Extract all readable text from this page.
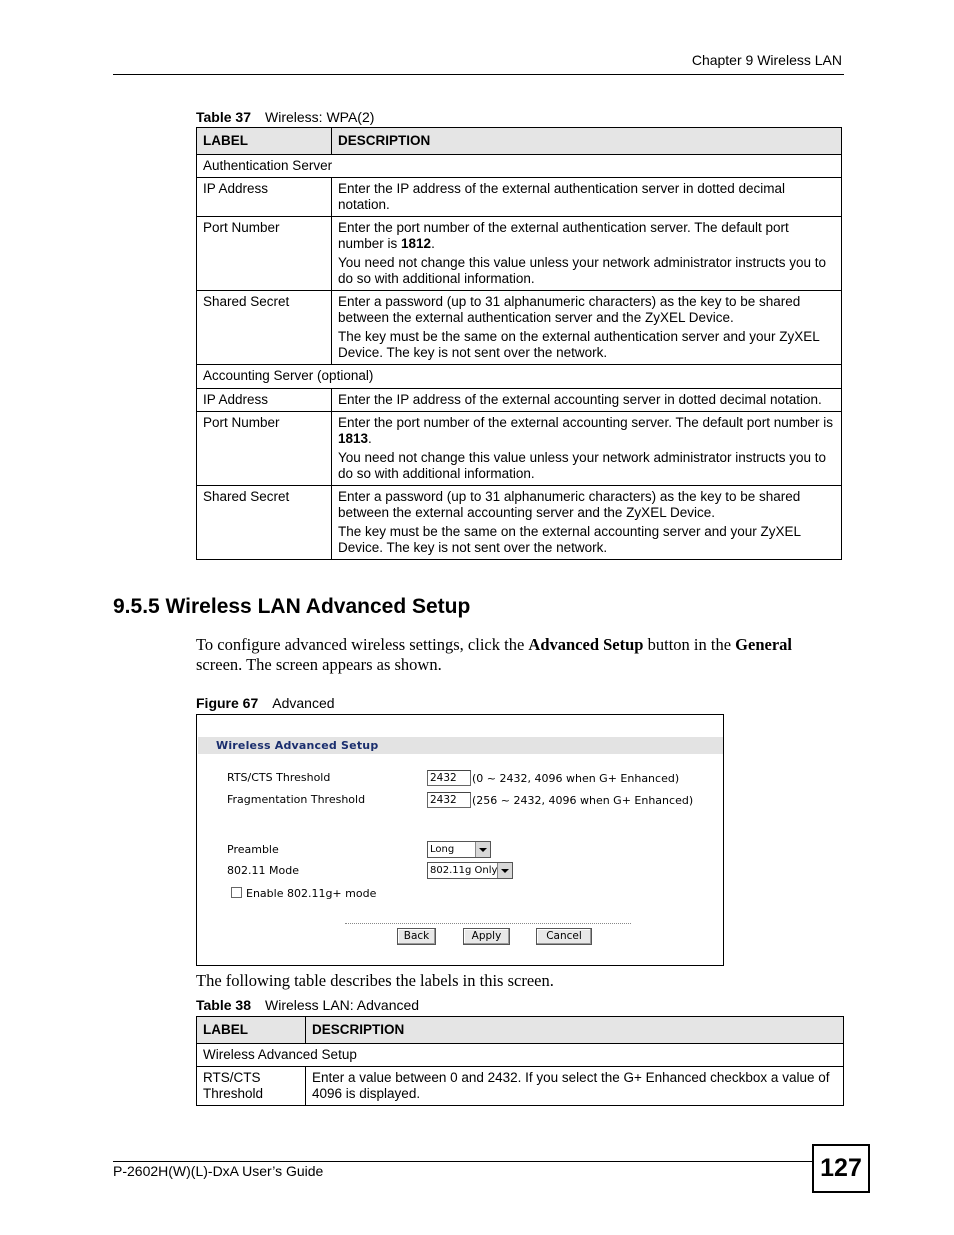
Chapter 9 Wireless LAN
Table 37 Wireless: WPA(2)
LABEL	DESCRIPTION
Authentication Server	
IP Address	Enter the IP address of the external authentication server in dotted decimal notation.
Port Number	Enter the port number of the external authentication server. The default port number is 1812.

You need not change this value unless your network administrator instructs you to do so with additional information.

Shared Secret	Enter a password (up to 31 alphanumeric characters) as the key to be shared between the external authentication server and the ZyXEL Device.

The key must be the same on the external authentication server and your ZyXEL Device. The key is not sent over the network.

Accounting Server (optional)	
IP Address	Enter the IP address of the external accounting server in dotted decimal notation.
Port Number	Enter the port number of the external accounting server. The default port number is 1813.

You need not change this value unless your network administrator instructs you to do so with additional information.

Shared Secret	Enter a password (up to 31 alphanumeric characters) as the key to be shared between the external accounting server and the ZyXEL Device.

The key must be the same on the external accounting server and your ZyXEL Device. The key is not sent over the network.

9.5.5 Wireless LAN Advanced Setup
To configure advanced wireless settings, click the Advanced Setup button in the General screen. The screen appears as shown.
Figure 67 Advanced
Wireless Advanced Setup
RTS/CTS Threshold	2432	(0 ~ 2432, 4096 when G+ Enhanced)
Fragmentation Threshold	2432	(256 ~ 2432, 4096 when G+ Enhanced)
Preamble	Long
802.11 Mode	802.11g Only
Enable 802.11g+ mode
Back	Apply	Cancel
The following table describes the labels in this screen.
Table 38 Wireless LAN: Advanced
LABEL	DESCRIPTION
Wireless Advanced Setup	
RTS/CTS Threshold	Enter a value between 0 and 2432. If you select the G+ Enhanced checkbox a value of 4096 is displayed.
P-2602H(W)(L)-DxA User’s Guide	127
